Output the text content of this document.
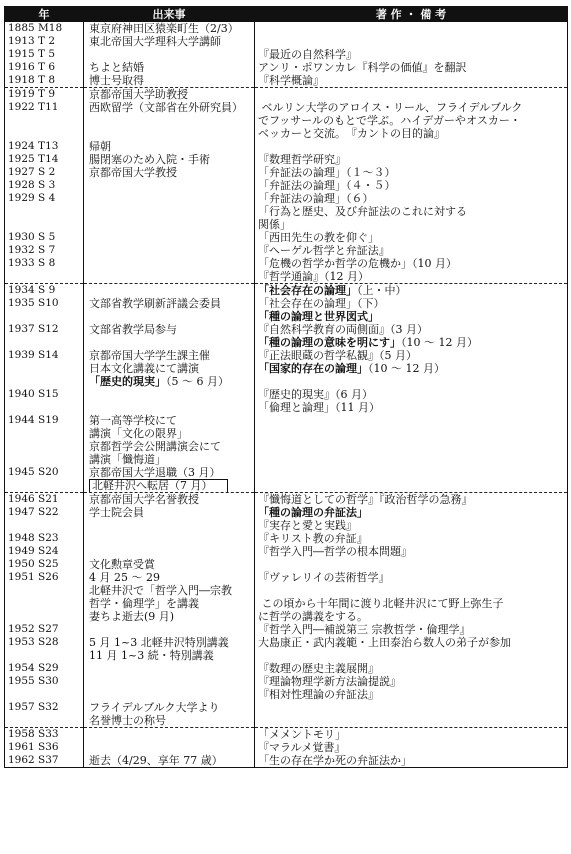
年	出来事	著 作 ・ 備 考
1885 M18	東京府神田区猿楽町生（2/3）	

1913 T 2	東北帝国大学理科大学講師	

1915 T 5		『最近の自然科学』

1916 T 6	ちよと結婚	アンリ・ポワンカレ『科学の価値』を翻訳

1918 T 8	博士号取得	『科学概論』

1919 T 9	京都帝国大学助教授	

1922 T11	西欧留学（文部省在外研究員）	ベルリン大学のアロイス・リール、フライデルブルク
でフッサールのもとで学ぶ。ハイデガーやオスカー・
ベッカーと交流。　『カントの目的論』

1924 T13	帰朝	

1925 T14	腸閉塞のため入院・手術	『数理哲学研究』

1927 S 2	京都帝国大学教授	「弁証法の論理」（１〜３）

1928 S 3		「弁証法の論理」（４・５）

1929 S 4		「弁証法の論理」（６）
「行為と歴史、及び弁証法のこれに対する
関係」

1930 S 5		「西田先生の教を仰ぐ」

1932 S 7		『ヘーゲル哲学と弁証法』

1933 S 8		「危機の哲学か哲学の危機か」（10 月）
『哲学通論』（12 月）

1934 S 9		「社会存在の論理」（上・中）

1935 S10	文部省教学刷新評議会委員	「社会存在の論理」（下）
「種の論理と世界図式」

1937 S12	文部省教学局参与	『自然科学教育の両側面』（3 月）
「種の論理の意味を明にす」（10 〜 12 月）

1939 S14	京都帝国大学学生課主催
日本文化講義にて講演
「歴史的現実」（5 〜 6 月）	『正法眼蔵の哲学私観』（5 月）
「国家的存在の論理」（10 〜 12 月）

1940 S15		『歴史的現実』（6 月）
「倫理と論理」（11 月）

1944 S19	第一高等学校にて
講演「文化の限界」
京都哲学会公開講演会にて
講演「懺悔道」	

1945 S20	京都帝国大学退職（3 月）
北軽井沢へ転居（7 月）	

1946 S21	京都帝国大学名誉教授	『懺悔道としての哲学』『政治哲学の急務』

1947 S22	学士院会員	「種の論理の弁証法」
『実存と愛と実践』

1948 S23		『キリスト教の弁証』

1949 S24		『哲学入門―哲学の根本問題』

1950 S25	文化勲章受賞	

1951 S26	4 月 25 〜 29
北軽井沢で「哲学入門―宗教
哲学・倫理学」を講義
妻ちよ逝去(9 月)	『ヴァレリイの芸術哲学』
この頃から十年間に渡り北軽井沢にて野上弥生子
に哲学の講義をする。

1952 S27		『哲学入門―補説第三 宗教哲学・倫理学』

1953 S28	5 月 1~3 北軽井沢特別講義
11 月 1~3 続・特別講義	大島康正・武内義範・上田泰治ら数人の弟子が参加

1954 S29		『数理の歴史主義展開』

1955 S30		『理論物理学新方法論提説』
『相対性理論の弁証法』

1957 S32	フライデルブルク大学より
名誉博士の称号	

1958 S33		「メメントモリ」

1961 S36		『マラルメ覚書』

1962 S37	逝去（4/29、享年 77 歳）	「生の存在学か死の弁証法か」
